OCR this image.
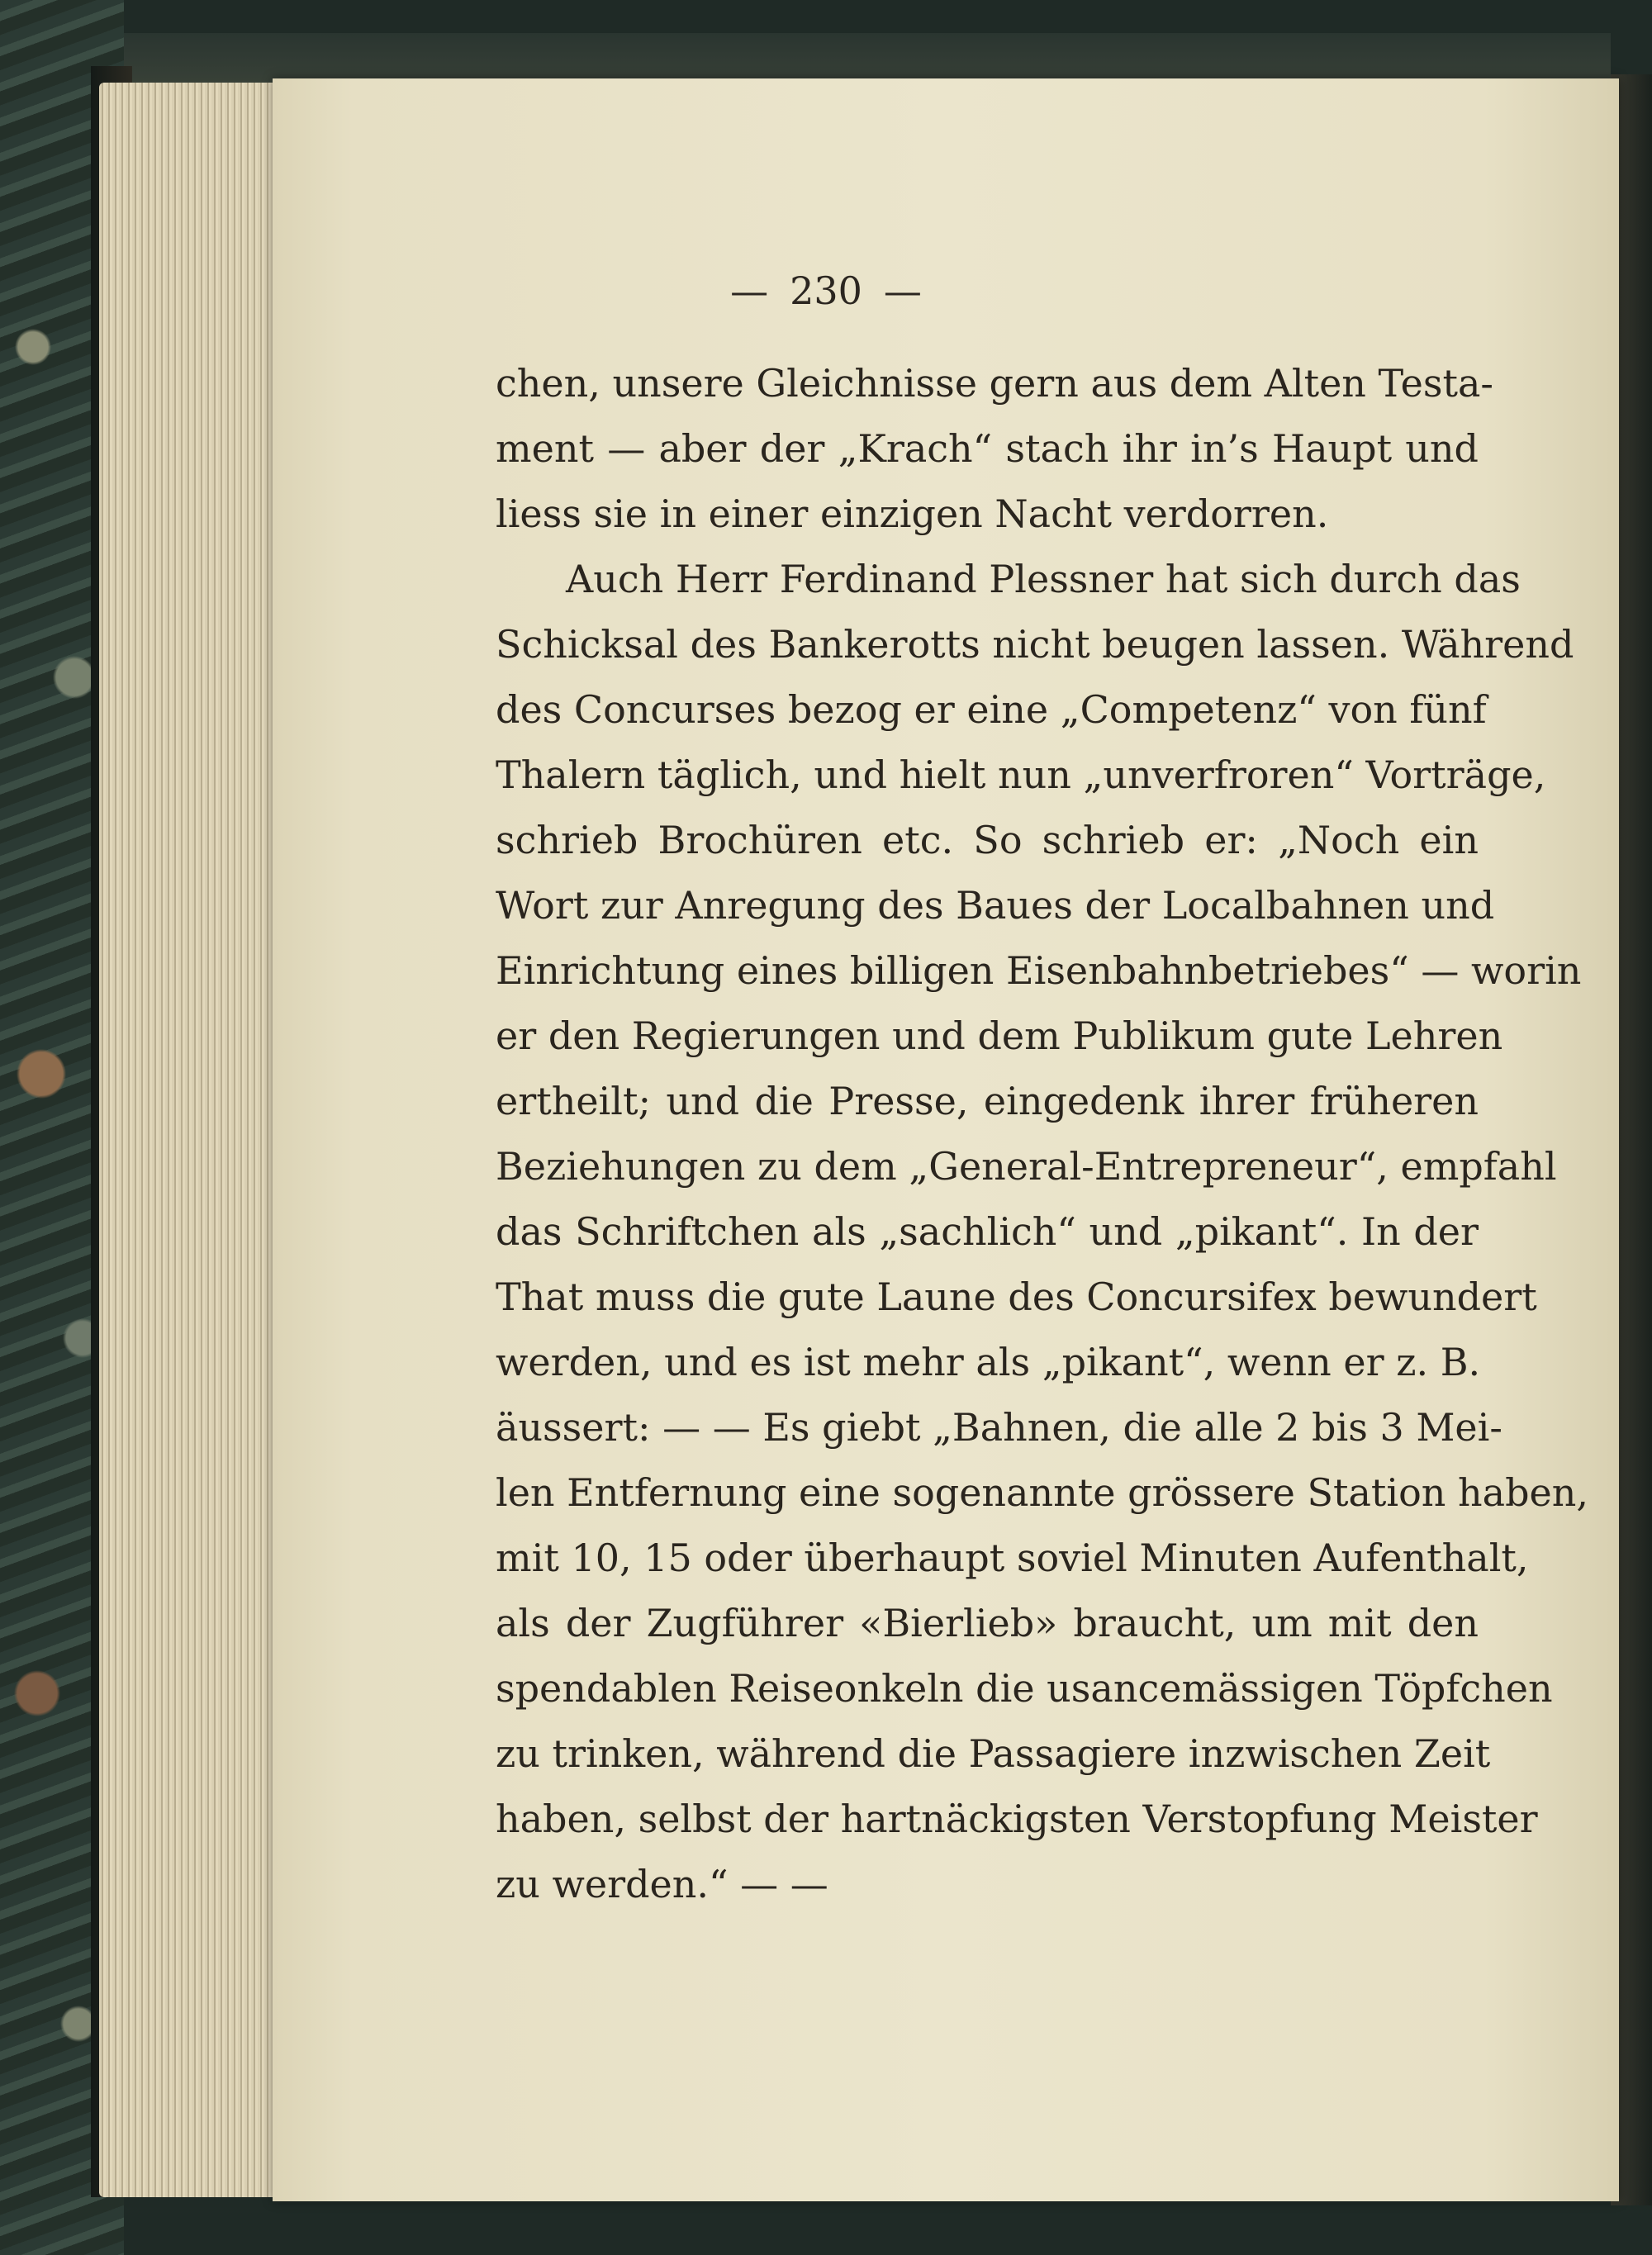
— 230 —
chen, unsere Gleichnisse gern aus dem Alten Testa-
ment — aber der „Krach“ stach ihr in’s Haupt und
liess sie in einer einzigen Nacht verdorren.
Auch Herr Ferdinand Plessner hat sich durch das
Schicksal des Bankerotts nicht beugen lassen. Während
des Concurses bezog er eine „Competenz“ von fünf
Thalern täglich, und hielt nun „unverfroren“ Vorträge,
schrieb Brochüren etc. So schrieb er: „Noch ein
Wort zur Anregung des Baues der Localbahnen und
Einrichtung eines billigen Eisenbahnbetriebes“ — worin
er den Regierungen und dem Publikum gute Lehren
ertheilt; und die Presse, eingedenk ihrer früheren
Beziehungen zu dem „General-Entrepreneur“, empfahl
das Schriftchen als „sachlich“ und „pikant“. In der
That muss die gute Laune des Concursifex bewundert
werden, und es ist mehr als „pikant“, wenn er z. B.
äussert: — — Es giebt „Bahnen, die alle 2 bis 3 Mei-
len Entfernung eine sogenannte grössere Station haben,
mit 10, 15 oder überhaupt soviel Minuten Aufenthalt,
als der Zugführer «Bierlieb» braucht, um mit den
spendablen Reiseonkeln die usancemässigen Töpfchen
zu trinken, während die Passagiere inzwischen Zeit
haben, selbst der hartnäckigsten Verstopfung Meister
zu werden.“ — —
